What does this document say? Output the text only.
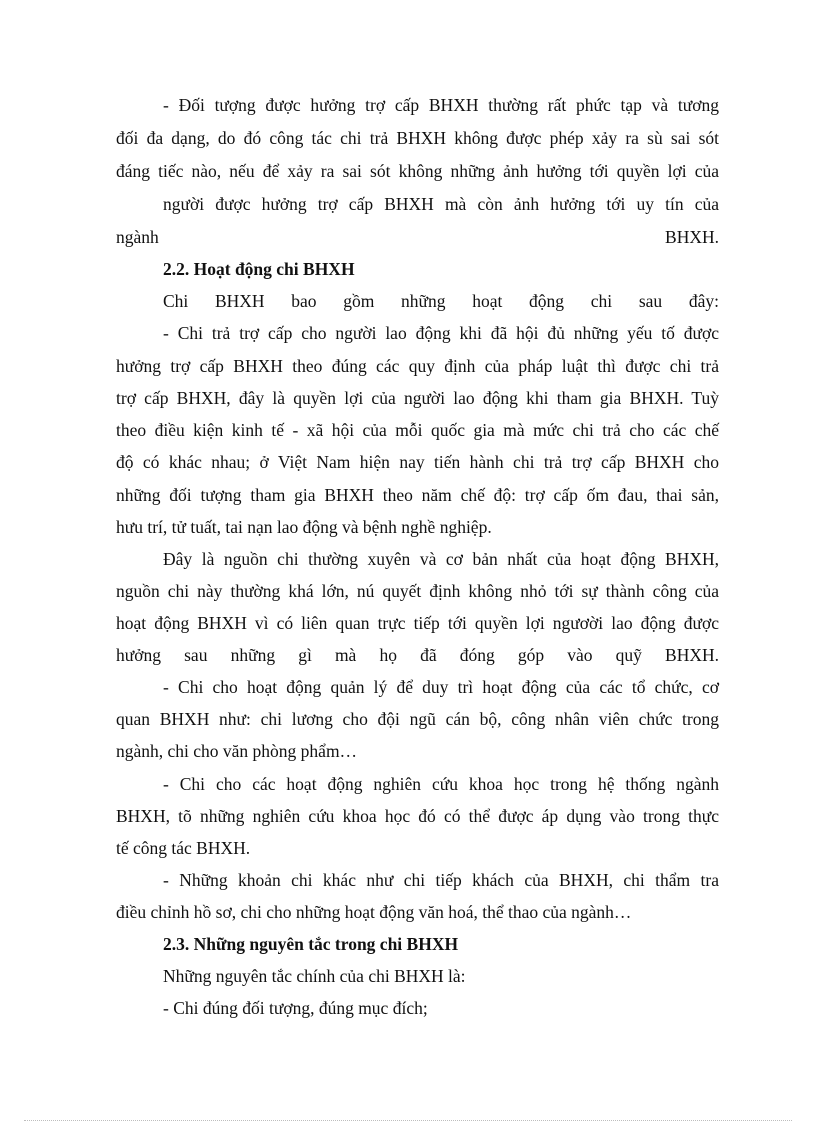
- Đối tượng được hưởng trợ cấp BHXH thường rất phức tạp và tương
đối đa dạng, do đó công tác chi trả BHXH không được phép xảy ra sù sai sót
đáng tiếc nào, nếu để xảy ra sai sót không những ảnh hưởng tới quyền lợi của
người được hưởng trợ cấp BHXH mà còn ảnh hưởng tới uy tín của
ngành	BHXH.
2.2. Hoạt động chi BHXH
Chi BHXH bao gồm những hoạt động chi sau đây:
- Chi trả trợ cấp cho người lao động khi đã hội đủ những yếu tố được
hưởng trợ cấp BHXH theo đúng các quy định của pháp luật thì được chi trả
trợ cấp BHXH, đây là quyền lợi của người lao động khi tham gia BHXH. Tuỳ
theo điều kiện kinh tế - xã hội của mỗi quốc gia mà mức chi trả cho các chế
độ có khác nhau; ở Việt Nam hiện nay tiến hành chi trả trợ cấp BHXH cho
những đối tượng tham gia BHXH theo năm chế độ: trợ cấp ốm đau, thai sản,
hưu trí, tử tuất, tai nạn lao động và bệnh nghề nghiệp.
Đây là nguồn chi thường xuyên và cơ bản nhất của hoạt động BHXH,
nguồn chi này thường khá lớn, nú quyết định không nhỏ tới sự thành công của
hoạt động BHXH vì có liên quan trực tiếp tới quyền lợi ngươời lao động được
hưởng sau những gì mà họ đã đóng góp vào quỹ BHXH.
- Chi cho hoạt động quản lý để duy trì hoạt động của các tổ chức, cơ
quan BHXH như: chi lương cho đội ngũ cán bộ, công nhân viên chức trong
ngành, chi cho văn phòng phẩm…
- Chi cho các hoạt động nghiên cứu khoa học trong hệ thống ngành
BHXH, tõ những nghiên cứu khoa học đó có thể được áp dụng vào trong thực
tế công tác BHXH.
- Những khoản chi khác như chi tiếp khách của BHXH, chi thẩm tra
điều chỉnh hồ sơ, chi cho những hoạt động văn hoá, thể thao của ngành…
2.3. Những nguyên tắc trong chi BHXH
Những nguyên tắc chính của chi BHXH là:
- Chi đúng đối tượng, đúng mục đích;
